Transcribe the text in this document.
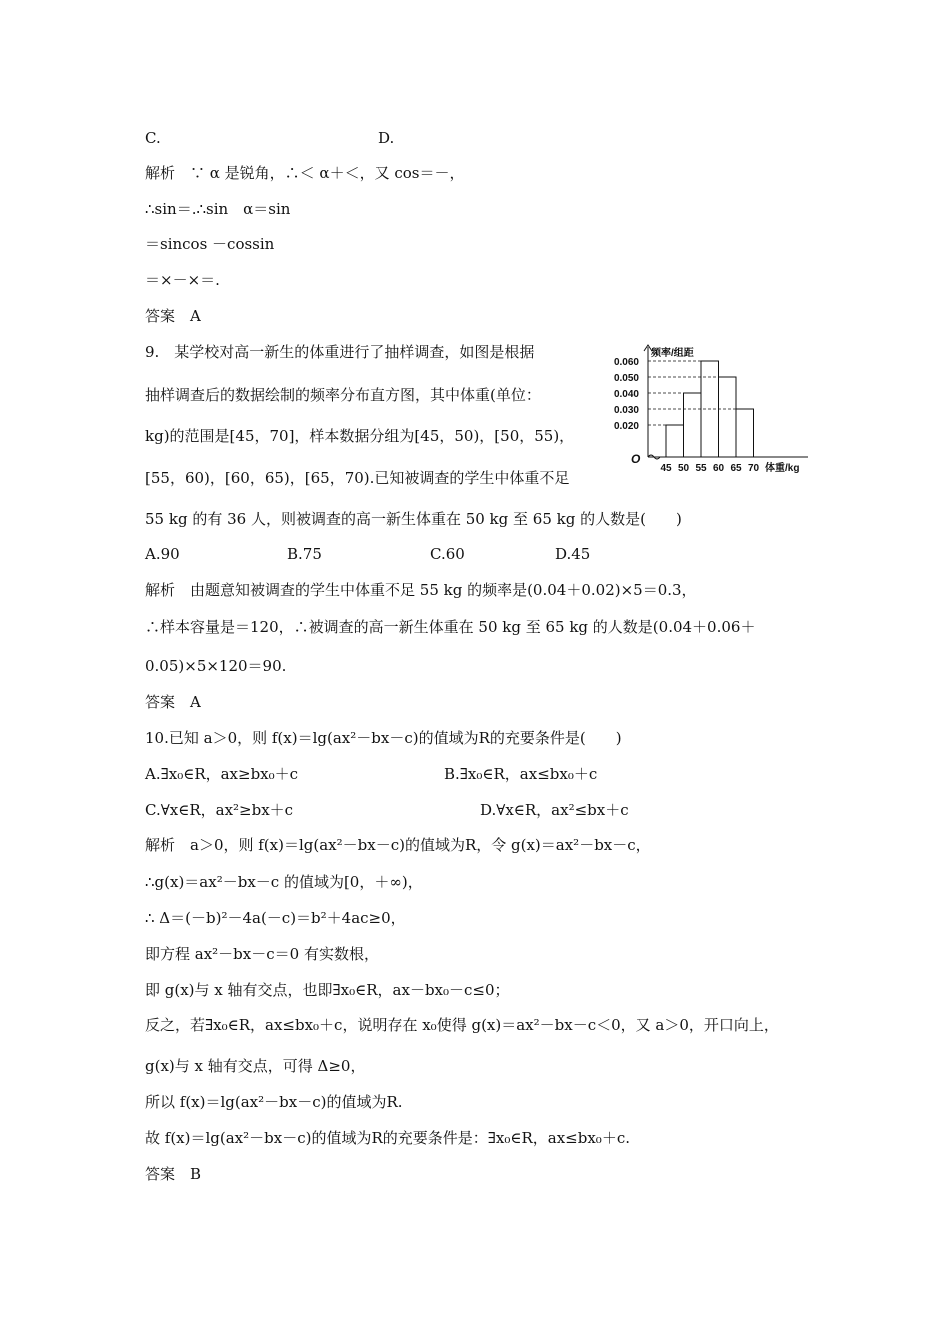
C.	D.
解析　∵ α 是锐角，∴＜ α＋＜，又 cos＝－，
∴sin＝.∴sin　α＝sin
＝sincos －cossin
＝×－×＝.
答案　A
9.　某学校对高一新生的体重进行了抽样调查，如图是根据
抽样调查后的数据绘制的频率分布直方图，其中体重(单位：
kg)的范围是[45，70]，样本数据分组为[45，50)，[50，55)，
[55，60)，[60，65)，[65，70).已知被调查的学生中体重不足
55 kg 的有 36 人，则被调查的高一新生体重在 50 kg 至 65 kg 的人数是(　　)
0.060
0.050
0.040
0.030
0.020
45 50 55 60 65 70
O
频率/组距
体重/kg
A.90	B.75	C.60	D.45
解析　由题意知被调查的学生中体重不足 55 kg 的频率是(0.04＋0.02)×5＝0.3，
∴样本容量是＝120，∴被调查的高一新生体重在 50 kg 至 65 kg 的人数是(0.04＋0.06＋
0.05)×5×120＝90.
答案　A
10.已知 a＞0，则 f(x)＝lg(ax²－bx－c)的值域为R的充要条件是(　　)
A.∃x₀∈R，ax≥bx₀＋c	B.∃x₀∈R，ax≤bx₀＋c
C.∀x∈R，ax²≥bx＋c	D.∀x∈R，ax²≤bx＋c
解析　a＞0，则 f(x)＝lg(ax²－bx－c)的值域为R，令 g(x)＝ax²－bx－c，
∴g(x)＝ax²－bx－c 的值域为[0，＋∞)，
∴ Δ＝(－b)²－4a(－c)＝b²＋4ac≥0，
即方程 ax²－bx－c＝0 有实数根，
即 g(x)与 x 轴有交点，也即∃x₀∈R，ax－bx₀－c≤0；
反之，若∃x₀∈R，ax≤bx₀＋c，说明存在 x₀使得 g(x)＝ax²－bx－c＜0，又 a＞0，开口向上，
g(x)与 x 轴有交点，可得 Δ≥0，
所以 f(x)＝lg(ax²－bx－c)的值域为R.
故 f(x)＝lg(ax²－bx－c)的值域为R的充要条件是：∃x₀∈R，ax≤bx₀＋c.
答案　B
